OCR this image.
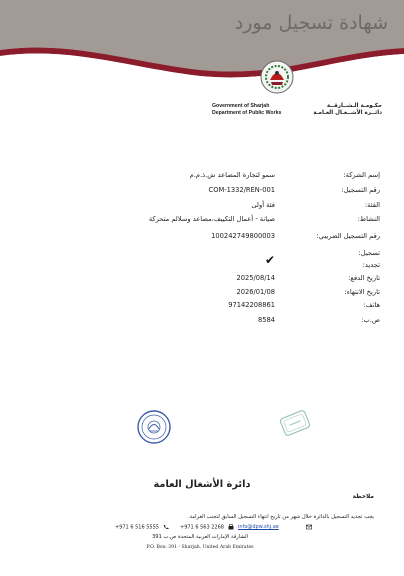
شهادة تسجيل مورد
Government of Sharjah
Department of Public Works
حكـومـة الـشــارقــة
دائــرة الأشــغـال العـامـة
إسم الشركة:
سمو لتجارة المصاعد ش.ذ.م.م
رقم التسجيل:
COM-1332/REN-001
الفئة:
فئة أولى
النشاط:
صيانة - أعمال التكييف،مصاعد وسلالم متحركة
رقم التسجيل الضريبي:
100242749800003
تسجيل:
تجديد:
تاريخ الدفع:
2025/08/14
تاريخ الانتهاء:
2026/01/08
هاتف:
97142208861
ص.ب:
8584
✔
دائرة الأشغال العامة
ملاحظة
يجب تجديد التسجيل بالدائرة خلال شهر من تاريخ انتهاء التسجيل السابق لتجنب الغرامة.
+971 6 516 5555	+971 6 563 2268	info@dpw.shj.ae
الشارقة الإمارات العربية المتحدة ص.ب 391
P.O. Box: 391 - Sharjah, United Arab Emirates
